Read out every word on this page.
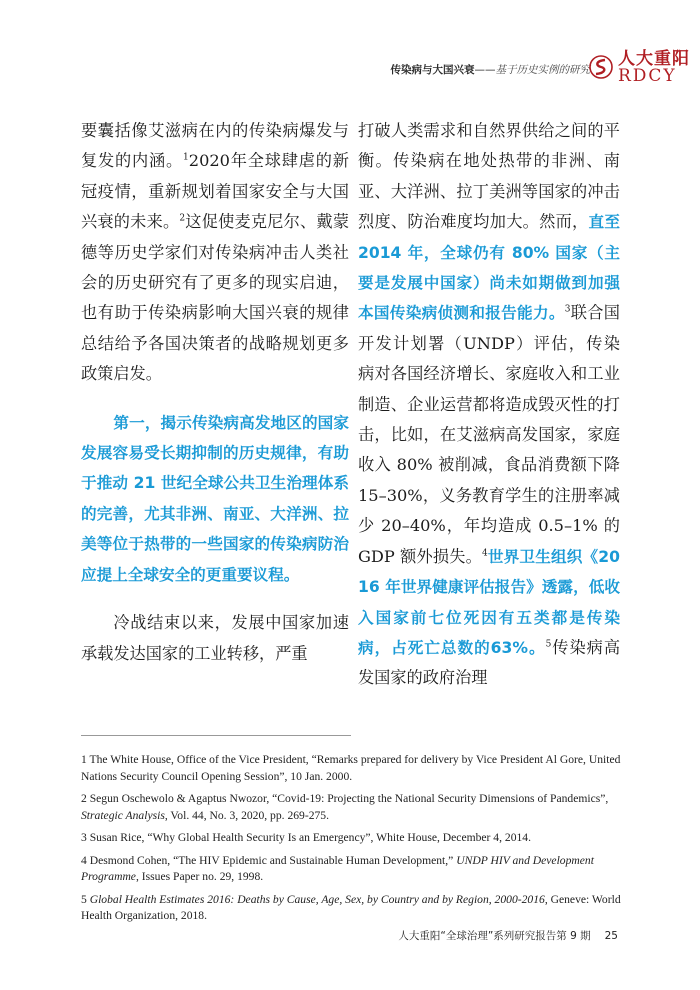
传染病与大国兴衰——基于历史实例的研究
人大重阳
RDCY

要囊括像艾滋病在内的传染病爆发与复发的内涵。$^1$2020年全球肆虐的新冠疫情，重新规划着国家安全与大国兴衰的未来。$^2$这促使麦克尼尔、戴蒙德等历史学家们对传染病冲击人类社会的历史研究有了更多的现实启迪，也有助于传染病影响大国兴衰的规律总结给予各国决策者的战略规划更多政策启发。

第一，揭示传染病高发地区的国家发展容易受长期抑制的历史规律，有助于推动 21 世纪全球公共卫生治理体系的完善，尤其非洲、南亚、大洋洲、拉美等位于热带的一些国家的传染病防治应提上全球安全的更重要议程。

冷战结束以来，发展中国家加速承载发达国家的工业转移，严重

打破人类需求和自然界供给之间的平衡。传染病在地处热带的非洲、南亚、大洋洲、拉丁美洲等国家的冲击烈度、防治难度均加大。然而，直至 2014 年，全球仍有 80% 国家（主要是发展中国家）尚未如期做到加强本国传染病侦测和报告能力。$^3$联合国开发计划署（UNDP）评估，传染病对各国经济增长、家庭收入和工业制造、企业运营都将造成毁灭性的打击，比如，在艾滋病高发国家，家庭收入 80% 被削减，食品消费额下降 15–30%，义务教育学生的注册率减少 20–40%，年均造成 0.5–1% 的 GDP 额外损失。$^4$世界卫生组织《2016 年世界健康评估报告》透露，低收入国家前七位死因有五类都是传染病，占死亡总数的63%。$^5$传染病高发国家的政府治理

1 The White House, Office of the Vice President, “Remarks prepared for delivery by Vice President Al Gore, United Nations Security Council Opening Session”, 10 Jan. 2000.

2 Segun Oschewolo & Agaptus Nwozor, “Covid-19: Projecting the National Security Dimensions of Pandemics”, Strategic Analysis, Vol. 44, No. 3, 2020, pp. 269-275.

3 Susan Rice, “Why Global Health Security Is an Emergency”, White House, December 4, 2014.

4 Desmond Cohen, “The HIV Epidemic and Sustainable Human Development,” UNDP HIV and Development Programme, Issues Paper no. 29, 1998.

5 Global Health Estimates 2016: Deaths by Cause, Age, Sex, by Country and by Region, 2000-2016, Geneve: World Health Organization, 2018.

人大重阳“全球治理”系列研究报告第 9 期 25
